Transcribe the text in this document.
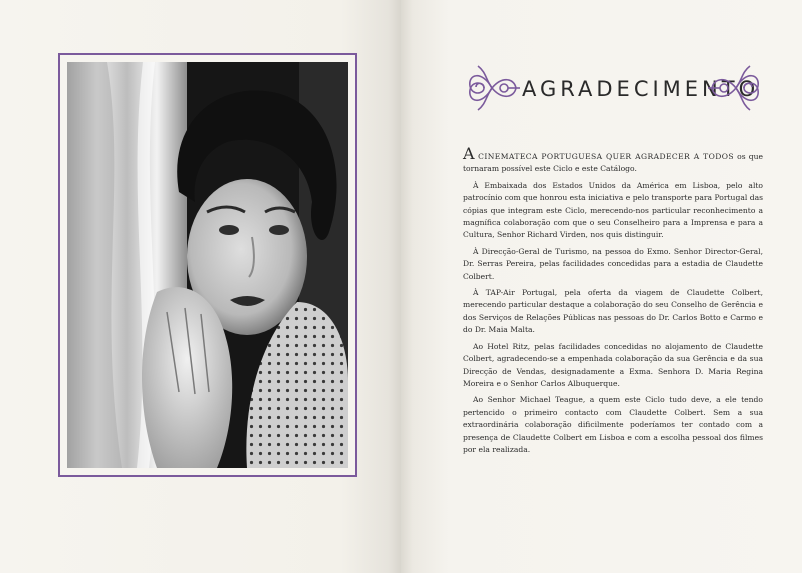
AGRADECIMENTO

A CINEMATECA PORTUGUESA QUER AGRADECER A TODOS os que tornaram possível este Ciclo e este Catálogo.

À Embaixada dos Estados Unidos da América em Lisboa, pelo alto patrocínio com que honrou esta iniciativa e pelo transporte para Portugal das cópias que integram este Ciclo, merecendo-nos particular reconhecimento a magnífica colaboração com que o seu Conselheiro para a Imprensa e para a Cultura, Senhor Richard Virden, nos quis distinguir.

À Direcção-Geral de Turismo, na pessoa do Exmo. Senhor Director-Geral, Dr. Serras Pereira, pelas facilidades concedidas para a estadia de Claudette Colbert.

À TAP-Air Portugal, pela oferta da viagem de Claudette Colbert, merecendo particular destaque a colaboração do seu Conselho de Gerência e dos Serviços de Relações Públicas nas pessoas do Dr. Carlos Botto e Carmo e do Dr. Maia Malta.

Ao Hotel Ritz, pelas facilidades concedidas no alojamento de Claudette Colbert, agradecendo-se a empenhada colaboração da sua Gerência e da sua Direcção de Vendas, designadamente a Exma. Senhora D. Maria Regina Moreira e o Senhor Carlos Albuquerque.

Ao Senhor Michael Teague, a quem este Ciclo tudo deve, a ele tendo pertencido o primeiro contacto com Claudette Colbert. Sem a sua extraordinária colaboração dificilmente poderíamos ter contado com a presença de Claudette Colbert em Lisboa e com a escolha pessoal dos filmes por ela realizada.
